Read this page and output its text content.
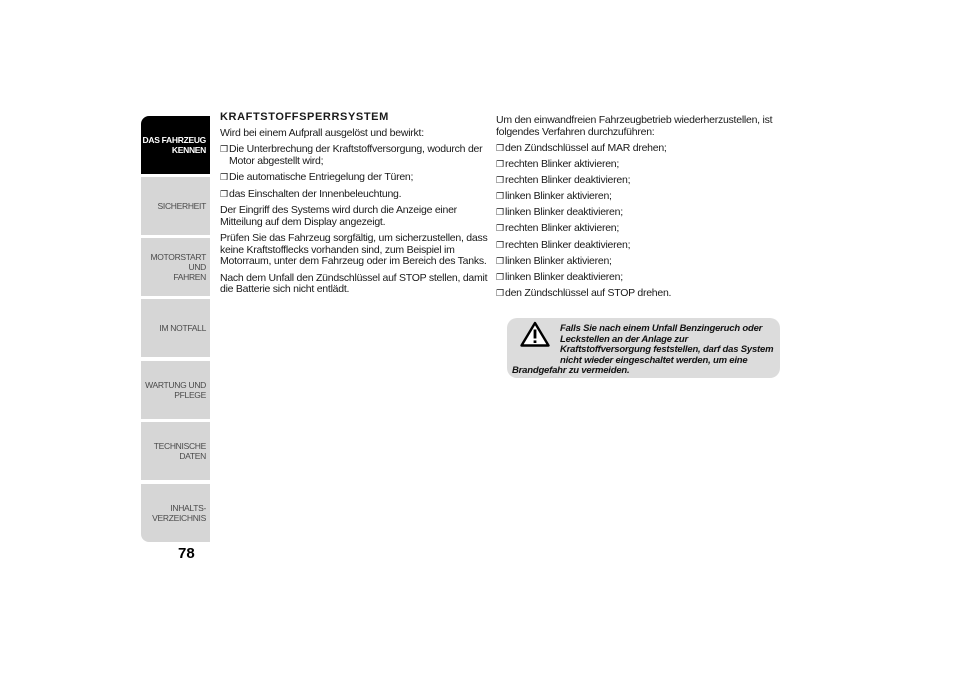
DAS FAHRZEUG
KENNEN
SICHERHEIT
MOTORSTART UND
FAHREN
IM NOTFALL
WARTUNG UND
PFLEGE
TECHNISCHE DATEN
INHALTS-
VERZEICHNIS
78
KRAFTSTOFFSPERRSYSTEM

Wird bei einem Aufprall ausgelöst und bewirkt:

❒ Die Unterbrechung der Kraftstoffversorgung, wodurch der Motor abgestellt wird;
❒ Die automatische Entriegelung der Türen;
❒ das Einschalten der Innenbeleuchtung.

Der Eingriff des Systems wird durch die Anzeige einer Mitteilung auf dem Display angezeigt.

Prüfen Sie das Fahrzeug sorgfältig, um sicherzustellen, dass keine Kraftstofflecks vorhanden sind, zum Beispiel im Motorraum, unter dem Fahrzeug oder im Bereich des Tanks.

Nach dem Unfall den Zündschlüssel auf STOP stellen, damit die Batterie sich nicht entlädt.

Um den einwandfreien Fahrzeugbetrieb wiederherzustellen, ist folgendes Verfahren durchzuführen:

❒ den Zündschlüssel auf MAR drehen;
❒ rechten Blinker aktivieren;
❒ rechten Blinker deaktivieren;
❒ linken Blinker aktivieren;
❒ linken Blinker deaktivieren;
❒ rechten Blinker aktivieren;
❒ rechten Blinker deaktivieren;
❒ linken Blinker aktivieren;
❒ linken Blinker deaktivieren;
❒ den Zündschlüssel auf STOP drehen.
Falls Sie nach einem Unfall Benzingeruch oder Leckstellen an der Anlage zur Kraftstoffversorgung feststellen, darf das System nicht wieder eingeschaltet werden, um eine Brandgefahr zu vermeiden.
